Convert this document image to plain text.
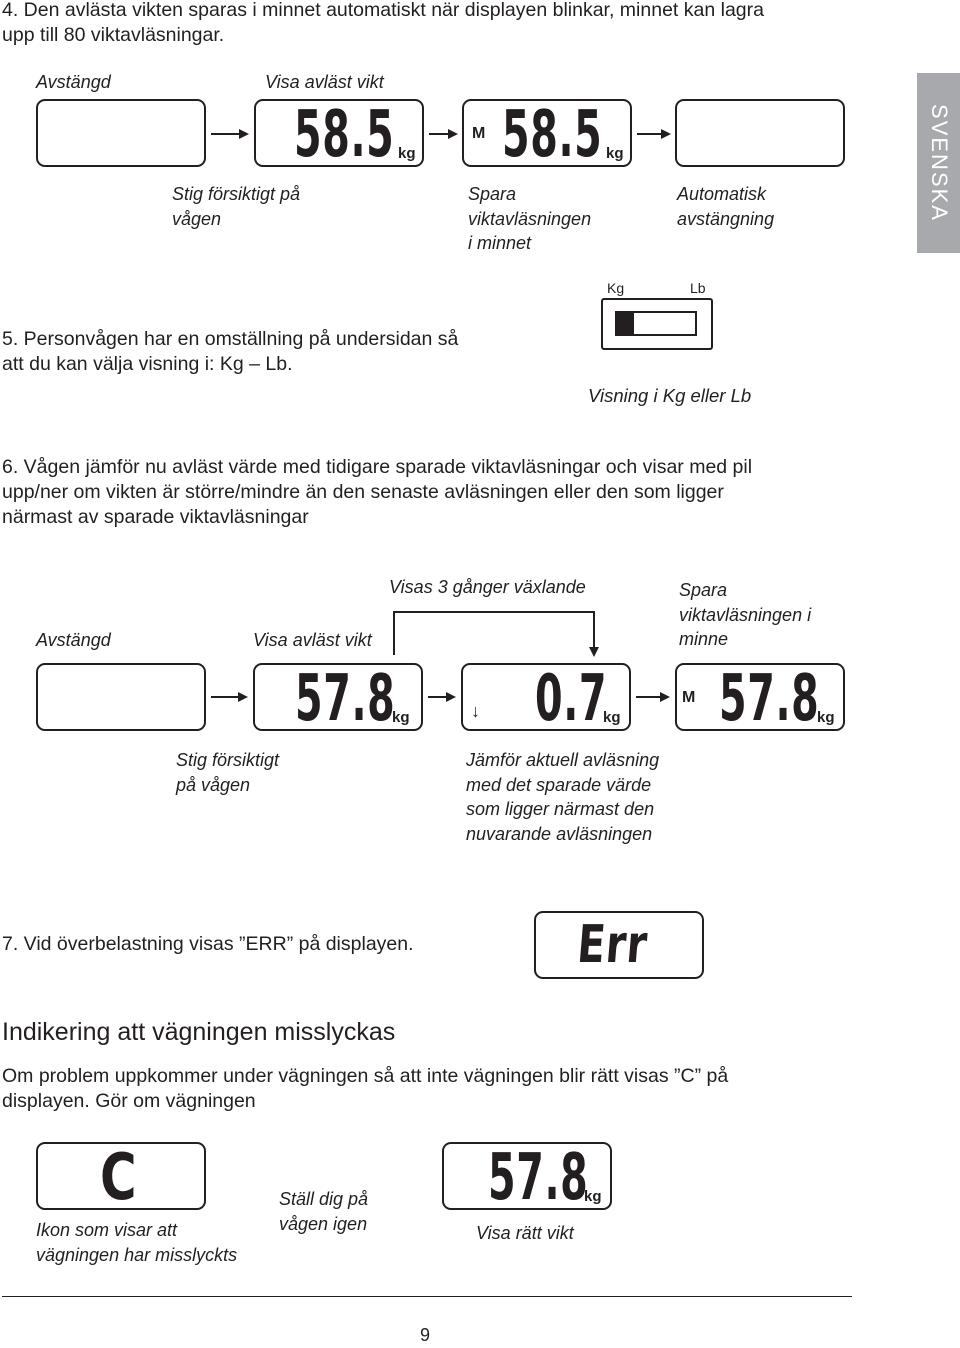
SVENSKA
4. Den avlästa vikten sparas i minnet automatiskt när displayen blinkar, minnet kan lagra
upp till 80 viktavläsningar.
Avstängd	Visa avläst vikt
58.5 kg
M 58.5 kg
Stig försiktigt på
vågen
Spara
viktavläsningen
i minnet
Automatisk
avstängning
Kg	Lb
5. Personvågen har en omställning på undersidan så
att du kan välja visning i: Kg – Lb.
Visning i Kg eller Lb
6. Vågen jämför nu avläst värde med tidigare sparade viktavläsningar och visar med pil
upp/ner om vikten är större/mindre än den senaste avläsningen eller den som ligger
närmast av sparade viktavläsningar
Visas 3 gånger växlande	Spara
viktavläsningen i
minne
Avstängd	Visa avläst vikt
57.8
kg	↓ 0.7
kg
M 57.8
kg
Stig försiktigt
på vågen
Jämför aktuell avläsning
med det sparade värde
som ligger närmast den
nuvarande avläsningen
7. Vid överbelastning visas ”ERR” på displayen.	Err
Indikering att vägningen misslyckas
Om problem uppkommer under vägningen så att inte vägningen blir rätt visas ”C” på
displayen. Gör om vägningen
C	57.8
kg
Ställ dig på
vågen igen
Ikon som visar att
vägningen har misslyckts
Visa rätt vikt
9
